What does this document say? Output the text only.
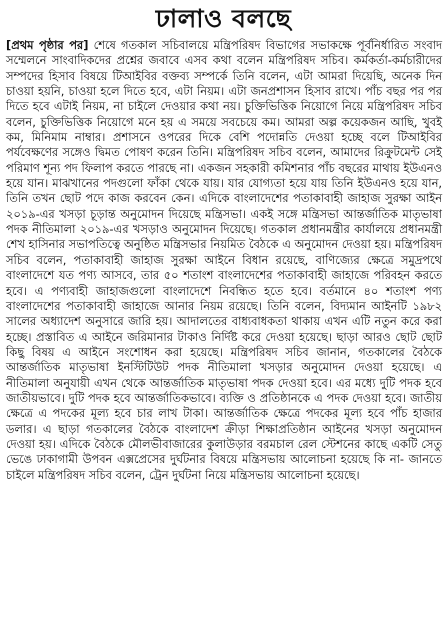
ঢালাও বলছে

[প্রথম পৃষ্ঠার পর] শেষে গতকাল সচিবালয়ে মন্ত্রিপরিষদ বিভাগের সভাকক্ষে পূর্বনির্ধারিত সংবাদ সম্মেলনে সাংবাদিকদের প্রশ্নের জবাবে এসব কথা বলেন মন্ত্রিপরিষদ সচিব। কর্মকর্তা-কর্মচারীদের সম্পদের হিসাব বিষয়ে টিআইবির বক্তব্য সম্পর্কে তিনি বলেন, এটা আমরা দিয়েছি, অনেক দিন চাওয়া হয়নি, চাওয়া হলে দিতে হবে, এটা নিয়ম। এটা জনপ্রশাসন হিসাব রাখে। পাঁচ বছর পর পর দিতে হবে এটাই নিয়ম, না চাইলে দেওয়ার কথা নয়। চুক্তিভিত্তিক নিয়োগে নিয়ে মন্ত্রিপরিষদ সচিব বলেন, চুক্তিভিত্তিক নিয়োগে মনে হয় এ সময়ে সবচেয়ে কম। আমরা অল্প কয়েকজন আছি, খুবই কম, মিনিমাম নাম্বার। প্রশাসনে ওপরের দিকে বেশি পদোন্নতি দেওয়া হচ্ছে বলে টিআইবির পর্যবেক্ষণের সঙ্গেও দ্বিমত পোষণ করেন তিনি। মন্ত্রিপরিষদ সচিব বলেন, আমাদের রিক্রুটমেন্ট সেই পরিমাণ শূন্য পদ ফিলাপ করতে পারছে না। একজন সহকারী কমিশনার পাঁচ বছরের মাথায় ইউএনও হয়ে যান। মাঝখানের পদগুলো ফাঁকা থেকে যায়। যার যোগ্যতা হয়ে যায় তিনি ইউএনও হয়ে যান, তিনি তখন ছোট পদে কাজ করবেন কেন। এদিকে বাংলাদেশের পতাকাবাহী জাহাজ সুরক্ষা আইন ২০১৯-এর খসড়া চূড়ান্ত অনুমোদন দিয়েছে মন্ত্রিসভা। একই সঙ্গে মন্ত্রিসভা আন্তর্জাতিক মাতৃভাষা পদক নীতিমালা ২০১৯-এর খসড়াও অনুমোদন দিয়েছে। গতকাল প্রধানমন্ত্রীর কার্যালয়ে প্রধানমন্ত্রী শেখ হাসিনার সভাপতিত্বে অনুষ্ঠিত মন্ত্রিসভার নিয়মিত বৈঠকে এ অনুমোদন দেওয়া হয়। মন্ত্রিপরিষদ সচিব বলেন, পতাকাবাহী জাহাজ সুরক্ষা আইনে বিধান রয়েছে, বাণিজ্যের ক্ষেত্রে সমুদ্রপথে বাংলাদেশে যত পণ্য আসবে, তার ৫০ শতাংশ বাংলাদেশের পতাকাবাহী জাহাজে পরিবহন করতে হবে। এ পণ্যবাহী জাহাজগুলো বাংলাদেশে নিবন্ধিত হতে হবে। বর্তমানে ৪০ শতাংশ পণ্য বাংলাদেশের পতাকাবাহী জাহাজে আনার নিয়ম রয়েছে। তিনি বলেন, বিদ্যমান আইনটি ১৯৮২ সালের অধ্যাদেশ অনুসারে জারি হয়। আদালতের বাধ্যবাধকতা থাকায় এখন এটি নতুন করে করা হচ্ছে। প্রস্তাবিত এ আইনে জরিমানার টাকাও নির্দিষ্ট করে দেওয়া হয়েছে। ছাড়া আরও ছোট ছোট কিছু বিষয় এ আইনে সংশোধন করা হয়েছে। মন্ত্রিপরিষদ সচিব জানান, গতকালের বৈঠকে আন্তর্জাতিক মাতৃভাষা ইনস্টিটিউট পদক নীতিমালা খসড়ার অনুমোদন দেওয়া হয়েছে। এ নীতিমালা অনুযায়ী এখন থেকে আন্তর্জাতিক মাতৃভাষা পদক দেওয়া হবে। এর মধ্যে দুটি পদক হবে জাতীয়ভাবে। দুটি পদক হবে আন্তর্জাতিকভাবে। ব্যক্তি ও প্রতিষ্ঠানকে এ পদক দেওয়া হবে। জাতীয় ক্ষেত্রে এ পদকের মূল্য হবে চার লাখ টাকা। আন্তর্জাতিক ক্ষেত্রে পদকের মূল্য হবে পাঁচ হাজার ডলার। এ ছাড়া গতকালের বৈঠকে বাংলাদেশ ক্রীড়া শিক্ষাপ্রতিষ্ঠান আইনের খসড়া অনুমোদন দেওয়া হয়। এদিকে বৈঠকে মৌলভীবাজারের কুলাউড়ার বরমচাল রেল স্টেশনের কাছে একটি সেতু ভেঙে ঢাকাগামী উপবন এক্সপ্রেসের দুর্ঘটনার বিষয়ে মন্ত্রিসভায় আলোচনা হয়েছে কি না- জানতে চাইলে মন্ত্রিপরিষদ সচিব বলেন, ট্রেন দুর্ঘটনা নিয়ে মন্ত্রিসভায় আলোচনা হয়েছে।
